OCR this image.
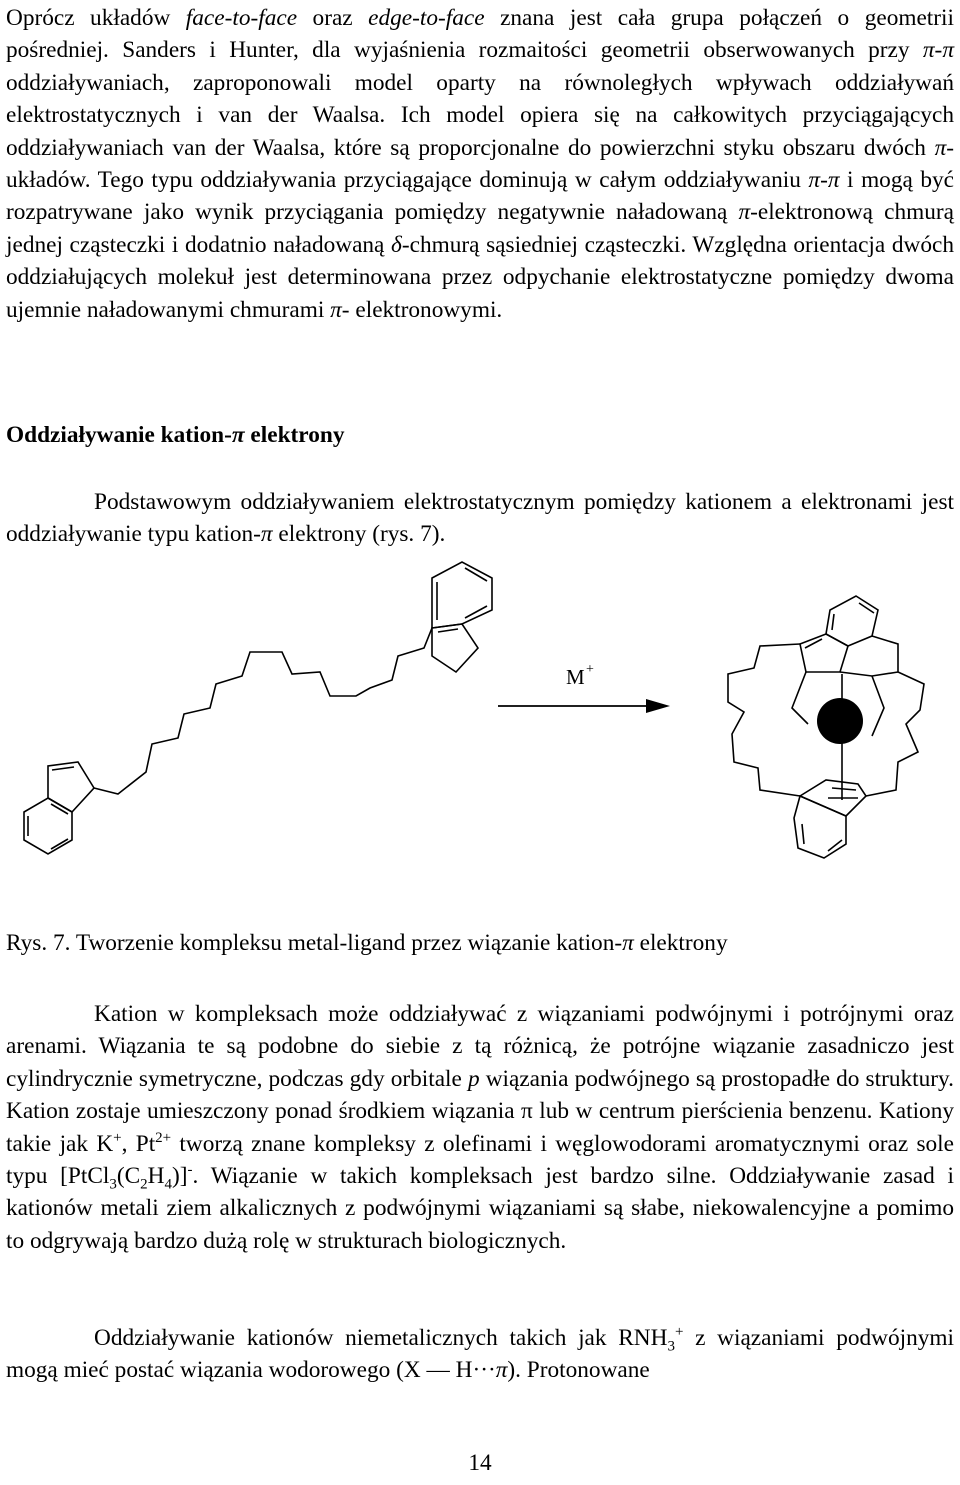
Oprócz układów face-to-face oraz edge-to-face znana jest cała grupa połączeń o geometrii pośredniej. Sanders i Hunter, dla wyjaśnienia rozmaitości geometrii obserwowanych przy π-π oddziaływaniach, zaproponowali model oparty na równoległych wpływach oddziaływań elektrostatycznych i van der Waalsa. Ich model opiera się na całkowitych przyciągających oddziaływaniach van der Waalsa, które są proporcjonalne do powierzchni styku obszaru dwóch π-układów. Tego typu oddziaływania przyciągające dominują w całym oddziaływaniu π-π i mogą być rozpatrywane jako wynik przyciągania pomiędzy negatywnie naładowaną π-elektronową chmurą jednej cząsteczki i dodatnio naładowaną δ-chmurą sąsiedniej cząsteczki. Względna orientacja dwóch oddziałujących molekuł jest determinowana przez odpychanie elektrostatyczne pomiędzy dwoma ujemnie naładowanymi chmurami π- elektronowymi.

Oddziaływanie kation-π elektrony

Podstawowym oddziaływaniem elektrostatycznym pomiędzy kationem a elektronami jest oddziaływanie typu kation-π elektrony (rys. 7).

M +

Rys. 7. Tworzenie kompleksu metal-ligand przez wiązanie kation-π elektrony

Kation w kompleksach może oddziaływać z wiązaniami podwójnymi i potrójnymi oraz arenami. Wiązania te są podobne do siebie z tą różnicą, że potrójne wiązanie zasadniczo jest cylindrycznie symetryczne, podczas gdy orbitale p wiązania podwójnego są prostopadłe do struktury. Kation zostaje umieszczony ponad środkiem wiązania π lub w centrum pierścienia benzenu. Kationy takie jak K+, $Pt^{2+}$ tworzą znane kompleksy z olefinami i węglowodorami aromatycznymi oraz sole typu $[PtCl_3(C_2H_4)]^-$. Wiązanie w takich kompleksach jest bardzo silne. Oddziaływanie zasad i kationów metali ziem alkalicznych z podwójnymi wiązaniami są słabe, niekowalencyjne a pomimo to odgrywają bardzo dużą rolę w strukturach biologicznych.

Oddziaływanie kationów niemetalicznych takich jak $RNH_3^+$ z wiązaniami podwójnymi mogą mieć postać wiązania wodorowego (X — H···π). Protonowane

14
